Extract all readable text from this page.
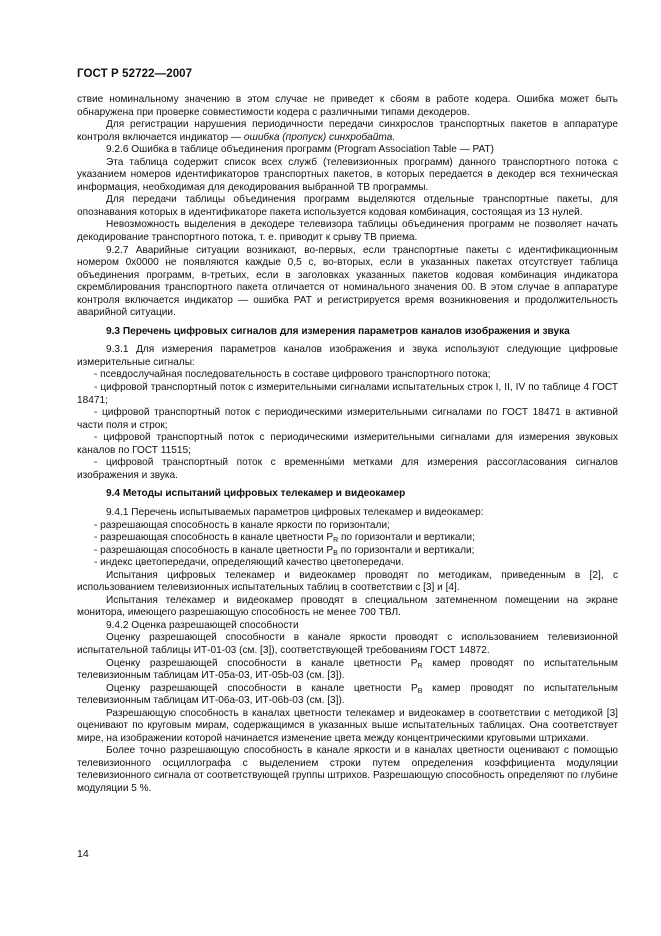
ГОСТ Р 52722—2007

ствие номинальному значению в этом случае не приведет к сбоям в работе кодера. Ошибка может быть обнаружена при проверке совместимости кодера с различными типами декодеров.

Для регистрации нарушения периодичности передачи синхрослов транспортных пакетов в аппаратуре контроля включается индикатор — ошибка (пропуск) синхробайта.

9.2.6 Ошибка в таблице объединения программ (Program Association Table — PAT)

Эта таблица содержит список всех служб (телевизионных программ) данного транспортного потока с указанием номеров идентификаторов транспортных пакетов, в которых передается в декодер вся техническая информация, необходимая для декодирования выбранной ТВ программы.

Для передачи таблицы объединения программ выделяются отдельные транспортные пакеты, для опознавания которых в идентификаторе пакета используется кодовая комбинация, состоящая из 13 нулей.

Невозможность выделения в декодере телевизора таблицы объединения программ не позволяет начать декодирование транспортного потока, т. е. приводит к срыву ТВ приема.

9.2.7 Аварийные ситуации возникают, во-первых, если транспортные пакеты с идентификационным номером 0x0000 не появляются каждые 0,5 с, во-вторых, если в указанных пакетах отсутствует таблица объединения программ, в-третьих, если в заголовках указанных пакетов кодовая комбинация индикатора скремблирования транспортного пакета отличается от номинального значения 00. В этом случае в аппаратуре контроля включается индикатор — ошибка PAT и регистрируется время возникновения и продолжительность аварийной ситуации.

9.3 Перечень цифровых сигналов для измерения параметров каналов изображения и звука

9.3.1 Для измерения параметров каналов изображения и звука используют следующие цифровые измерительные сигналы:

- псевдослучайная последовательность в составе цифрового транспортного потока;

- цифровой транспортный поток с измерительными сигналами испытательных строк I, II, IV по таблице 4 ГОСТ 18471;

- цифровой транспортный поток с периодическими измерительными сигналами по ГОСТ 18471 в активной части поля и строк;

- цифровой транспортный поток с периодическими измерительными сигналами для измерения звуковых каналов по ГОСТ 11515;

- цифровой транспортный поток с временны́ми метками для измерения рассогласования сигналов изображения и звука.

9.4 Методы испытаний цифровых телекамер и видеокамер

9.4.1 Перечень испытываемых параметров цифровых телекамер и видеокамер:

- разрешающая способность в канале яркости по горизонтали;

- разрешающая способность в канале цветности $P_R$ по горизонтали и вертикали;

- разрешающая способность в канале цветности $P_B$ по горизонтали и вертикали;

- индекс цветопередачи, определяющий качество цветопередачи.

Испытания цифровых телекамер и видеокамер проводят по методикам, приведенным в [2], с использованием телевизионных испытательных таблиц в соответствии с [3] и [4].

Испытания телекамер и видеокамер проводят в специальном затемненном помещении на экране монитора, имеющего разрешающую способность не менее 700 ТВЛ.

9.4.2 Оценка разрешающей способности

Оценку разрешающей способности в канале яркости проводят с использованием телевизионной испытательной таблицы ИТ-01-03 (см. [3]), соответствующей требованиям ГОСТ 14872.

Оценку разрешающей способности в канале цветности $P_R$ камер проводят по испытательным телевизионным таблицам ИТ-05а-03, ИТ-05b-03 (см. [3]).

Оценку разрешающей способности в канале цветности $P_B$ камер проводят по испытательным телевизионным таблицам ИТ-06а-03, ИТ-06b-03 (см. [3]).

Разрешающую способность в каналах цветности телекамер и видеокамер в соответствии с методикой [3] оценивают по круговым мирам, содержащимся в указанных выше испытательных таблицах. Она соответствует мире, на изображении которой начинается изменение цвета между концентрическими круговыми штрихами.

Более точно разрешающую способность в канале яркости и в каналах цветности оценивают с помощью телевизионного осциллографа с выделением строки путем определения коэффициента модуляции телевизионного сигнала от соответствующей группы штрихов. Разрешающую способность определяют по глубине модуляции 5 %.

14
